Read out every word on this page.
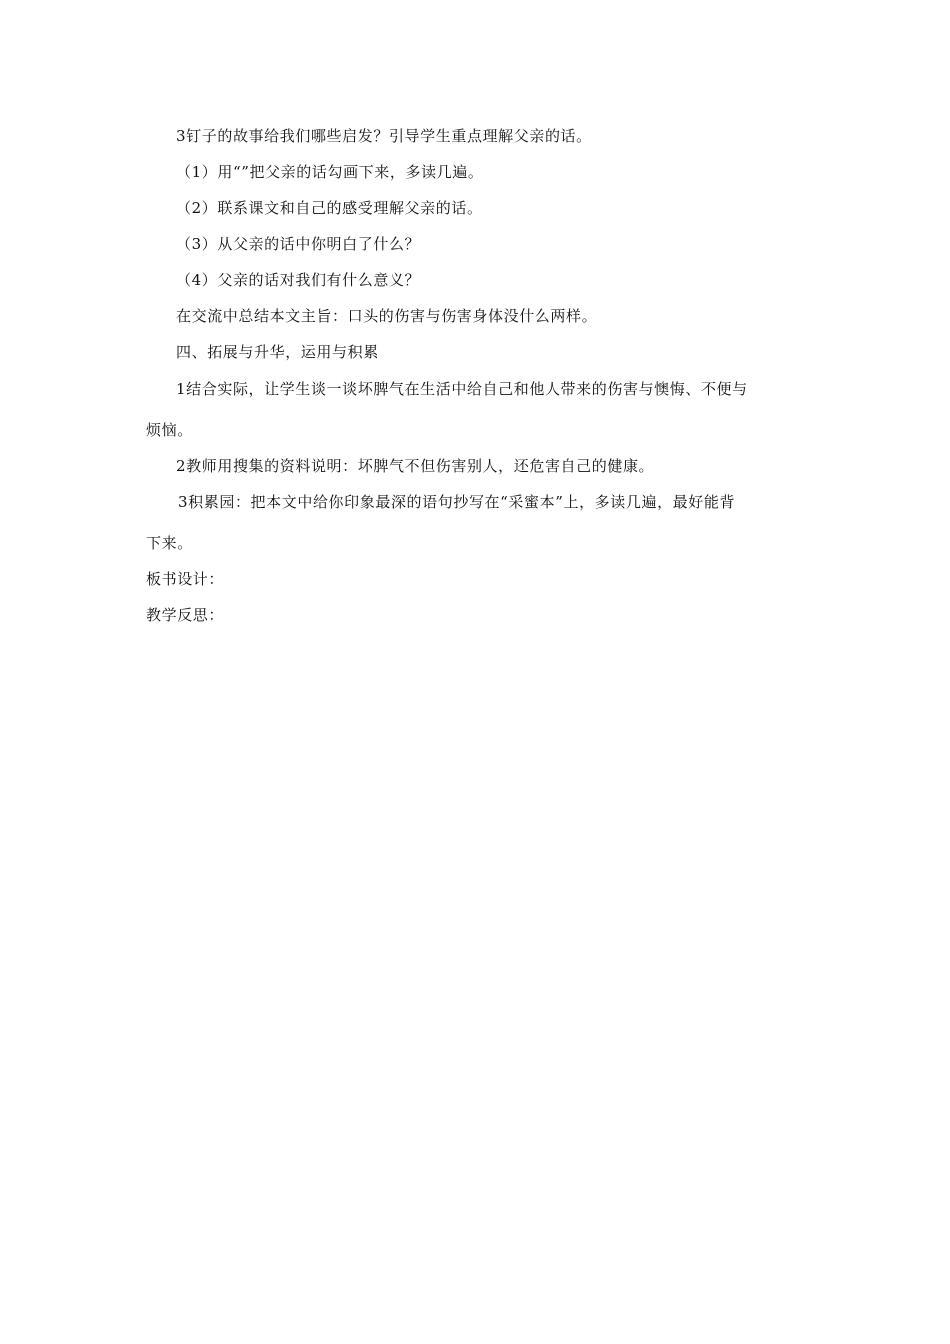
3钉子的故事给我们哪些启发？引导学生重点理解父亲的话。
（1）用“”把父亲的话勾画下来，多读几遍。
（2）联系课文和自己的感受理解父亲的话。
（3）从父亲的话中你明白了什么？
（4）父亲的话对我们有什么意义？
在交流中总结本文主旨：口头的伤害与伤害身体没什么两样。
四、拓展与升华，运用与积累
1结合实际，让学生谈一谈坏脾气在生活中给自己和他人带来的伤害与懊悔、不便与
烦恼。
2教师用搜集的资料说明：坏脾气不但伤害别人，还危害自己的健康。
3积累园：把本文中给你印象最深的语句抄写在“采蜜本”上，多读几遍，最好能背
下来。
板书设计：
教学反思：
